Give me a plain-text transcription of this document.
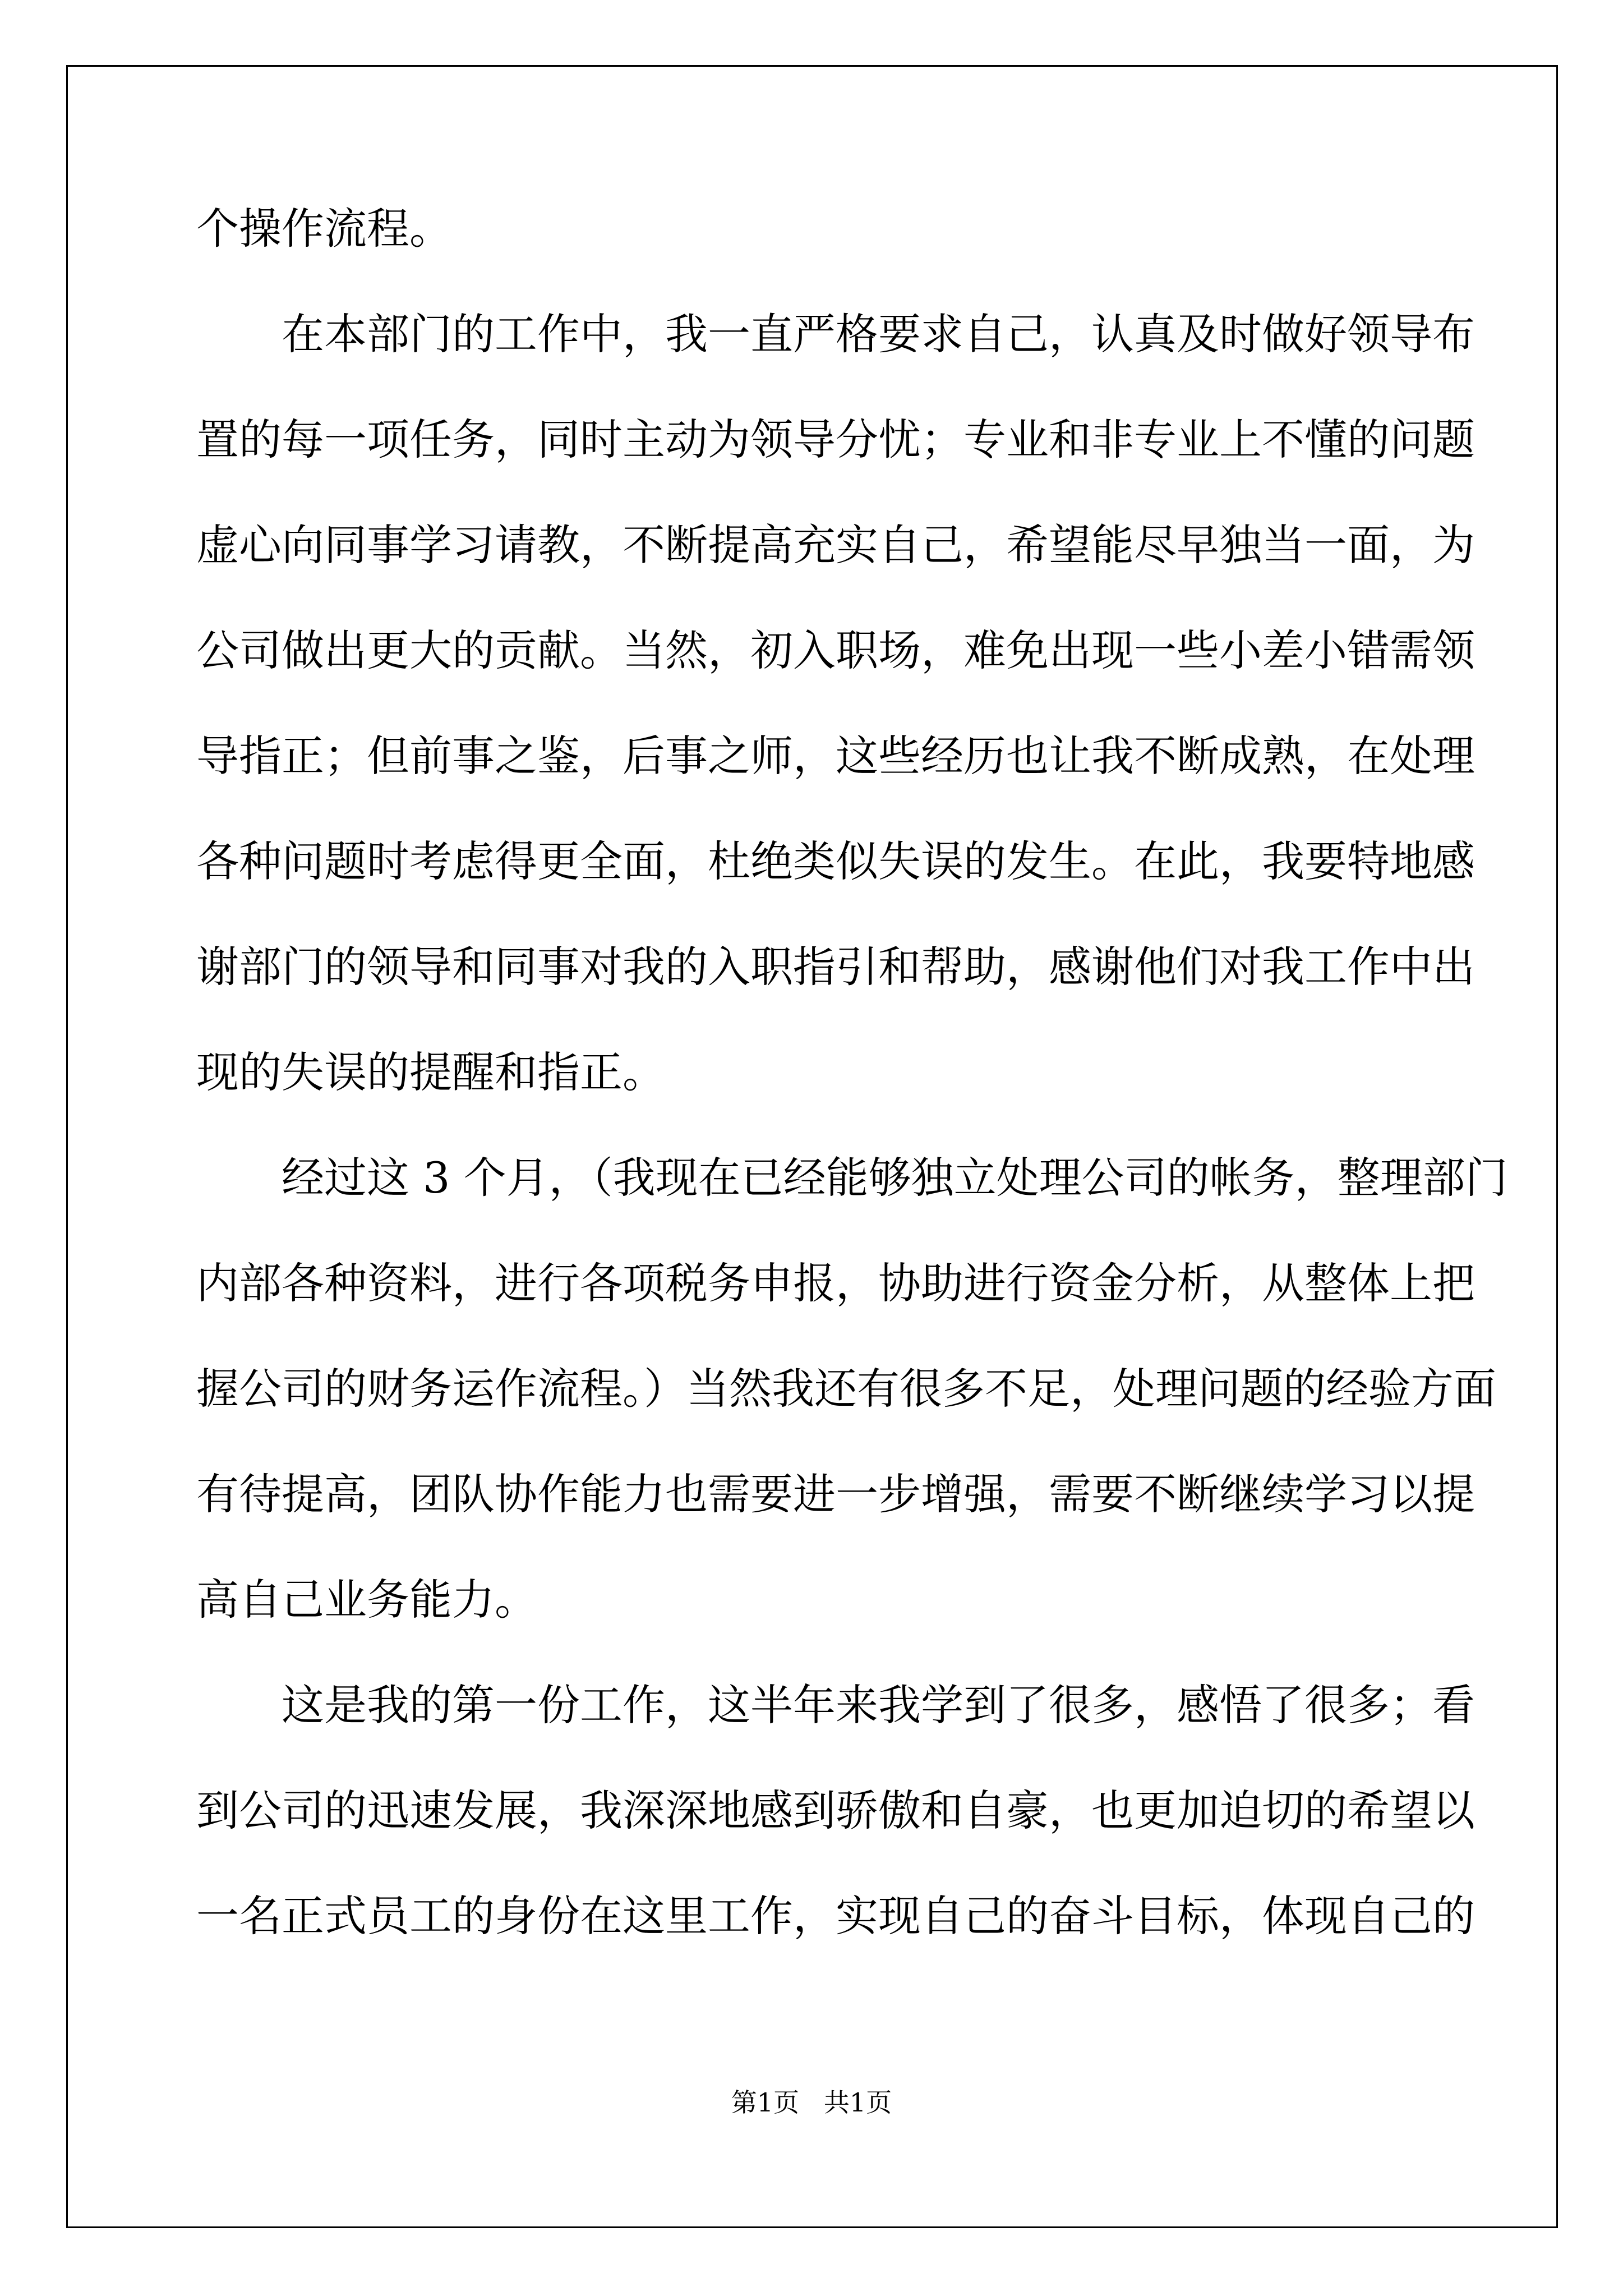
个操作流程。
在本部门的工作中，我一直严格要求自己，认真及时做好领导布
置的每一项任务，同时主动为领导分忧；专业和非专业上不懂的问题
虚心向同事学习请教，不断提高充实自己，希望能尽早独当一面，为
公司做出更大的贡献。当然，初入职场，难免出现一些小差小错需领
导指正；但前事之鉴，后事之师，这些经历也让我不断成熟，在处理
各种问题时考虑得更全面，杜绝类似失误的发生。在此，我要特地感
谢部门的领导和同事对我的入职指引和帮助，感谢他们对我工作中出
现的失误的提醒和指正。
经过这 3 个月，（我现在已经能够独立处理公司的帐务，整理部门
内部各种资料，进行各项税务申报，协助进行资金分析，从整体上把
握公司的财务运作流程。）当然我还有很多不足，处理问题的经验方面
有待提高，团队协作能力也需要进一步增强，需要不断继续学习以提
高自己业务能力。
这是我的第一份工作，这半年来我学到了很多，感悟了很多；看
到公司的迅速发展，我深深地感到骄傲和自豪，也更加迫切的希望以
一名正式员工的身份在这里工作，实现自己的奋斗目标，体现自己的
第1页   共1页
